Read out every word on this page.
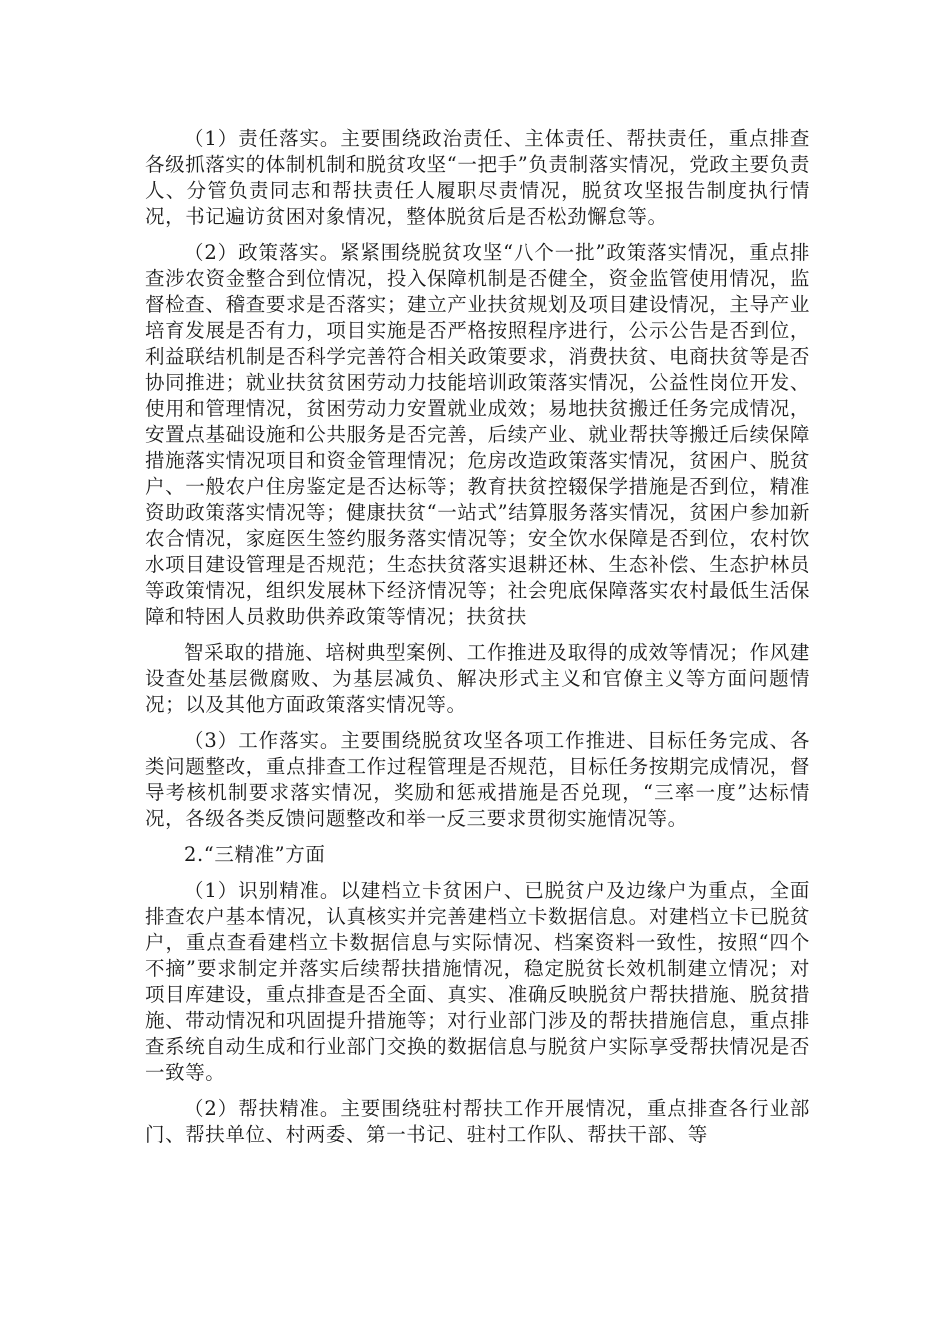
（1）责任落实。主要围绕政治责任、主体责任、帮扶责任，重点排查各级抓落实的体制机制和脱贫攻坚“一把手”负责制落实情况，党政主要负责人、分管负责同志和帮扶责任人履职尽责情况，脱贫攻坚报告制度执行情况，书记遍访贫困对象情况，整体脱贫后是否松劲懈怠等。

（2）政策落实。紧紧围绕脱贫攻坚“八个一批”政策落实情况，重点排查涉农资金整合到位情况，投入保障机制是否健全，资金监管使用情况，监督检查、稽查要求是否落实；建立产业扶贫规划及项目建设情况，主导产业培育发展是否有力，项目实施是否严格按照程序进行，公示公告是否到位，利益联结机制是否科学完善符合相关政策要求，消费扶贫、电商扶贫等是否协同推进；就业扶贫贫困劳动力技能培训政策落实情况，公益性岗位开发、使用和管理情况，贫困劳动力安置就业成效；易地扶贫搬迁任务完成情况，安置点基础设施和公共服务是否完善，后续产业、就业帮扶等搬迁后续保障措施落实情况项目和资金管理情况；危房改造政策落实情况，贫困户、脱贫户、一般农户住房鉴定是否达标等；教育扶贫控辍保学措施是否到位，精准资助政策落实情况等；健康扶贫“一站式”结算服务落实情况，贫困户参加新农合情况，家庭医生签约服务落实情况等；安全饮水保障是否到位，农村饮水项目建设管理是否规范；生态扶贫落实退耕还林、生态补偿、生态护林员等政策情况，组织发展林下经济情况等；社会兜底保障落实农村最低生活保障和特困人员救助供养政策等情况；扶贫扶

智采取的措施、培树典型案例、工作推进及取得的成效等情况；作风建设查处基层微腐败、为基层减负、解决形式主义和官僚主义等方面问题情况；以及其他方面政策落实情况等。

（3）工作落实。主要围绕脱贫攻坚各项工作推进、目标任务完成、各类问题整改，重点排查工作过程管理是否规范，目标任务按期完成情况，督导考核机制要求落实情况，奖励和惩戒措施是否兑现，“三率一度”达标情况，各级各类反馈问题整改和举一反三要求贯彻实施情况等。

2.“三精准”方面

（1）识别精准。以建档立卡贫困户、已脱贫户及边缘户为重点，全面排查农户基本情况，认真核实并完善建档立卡数据信息。对建档立卡已脱贫户，重点查看建档立卡数据信息与实际情况、档案资料一致性，按照“四个不摘”要求制定并落实后续帮扶措施情况，稳定脱贫长效机制建立情况；对项目库建设，重点排查是否全面、真实、准确反映脱贫户帮扶措施、脱贫措施、带动情况和巩固提升措施等；对行业部门涉及的帮扶措施信息，重点排查系统自动生成和行业部门交换的数据信息与脱贫户实际享受帮扶情况是否一致等。

（2）帮扶精准。主要围绕驻村帮扶工作开展情况，重点排查各行业部门、帮扶单位、村两委、第一书记、驻村工作队、帮扶干部、等
